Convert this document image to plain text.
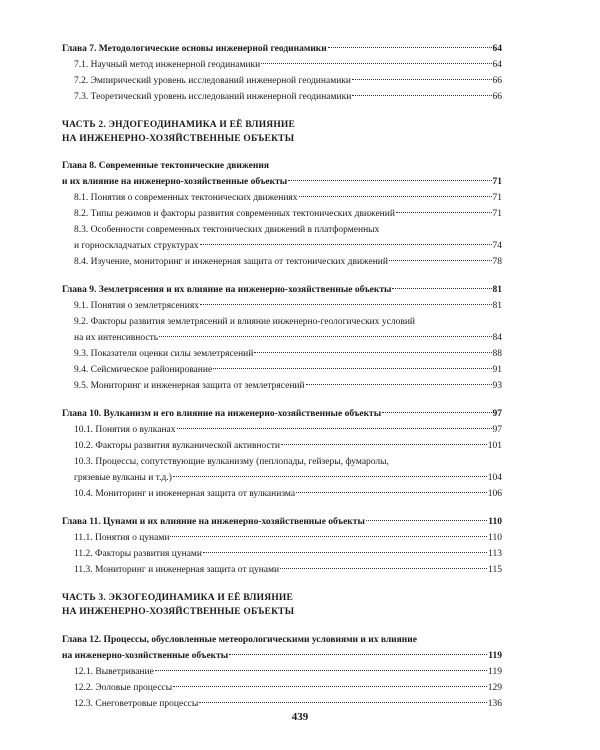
Глава 7. Методологические основы инженерной геодинамики	64
7.1. Научный метод инженерной геодинамики	64
7.2. Эмпирический уровень исследований инженерной геодинамики	66
7.3. Теоретический уровень исследований инженерной геодинамики	66
ЧАСТЬ 2. ЭНДОГЕОДИНАМИКА И ЕЁ ВЛИЯНИЕ
НА ИНЖЕНЕРНО-ХОЗЯЙСТВЕННЫЕ ОБЪЕКТЫ
Глава 8. Современные тектонические движения
и их влияние на инженерно-хозяйственные объекты	71
8.1. Понятия о современных тектонических движениях	71
8.2. Типы режимов и факторы развития современных тектонических движений	71
8.3. Особенности современных тектонических движений в платформенных
и горноскладчатых структурах	74
8.4. Изучение, мониторинг и инженерная защита от тектонических движений	78
Глава 9. Землетрясения и их влияние на инженерно-хозяйственные объекты	81
9.1. Понятия о землетрясениях	81
9.2. Факторы развития землетрясений и влияние инженерно-геологических условий
на их интенсивность	84
9.3. Показатели оценки силы землетрясений	88
9.4. Сейсмическое районирование	91
9.5. Мониторинг и инженерная защита от землетрясений	93
Глава 10. Вулканизм и его влияние на инженерно-хозяйственные объекты	97
10.1. Понятия о вулканах	97
10.2. Факторы развития вулканической активности	101
10.3. Процессы, сопутствующие вулканизму (пеплопады, гейзеры, фумаролы,
грязевые вулканы и т.д.)	104
10.4. Мониторинг и инженерная защита от вулканизма	106
Глава 11. Цунами и их влияние на инженерно-хозяйственные объекты	110
11.1. Понятия о цунами	110
11.2. Факторы развития цунами	113
11.3. Мониторинг и инженерная защита от цунами	115
ЧАСТЬ 3. ЭКЗОГЕОДИНАМИКА И ЕЁ ВЛИЯНИЕ
НА ИНЖЕНЕРНО-ХОЗЯЙСТВЕННЫЕ ОБЪЕКТЫ
Глава 12. Процессы, обусловленные метеорологическими условиями и их влияние
на инженерно-хозяйственные объекты	119
12.1. Выветривание	119
12.2. Эоловые процессы	129
12.3. Снеговетровые процессы	136
439
